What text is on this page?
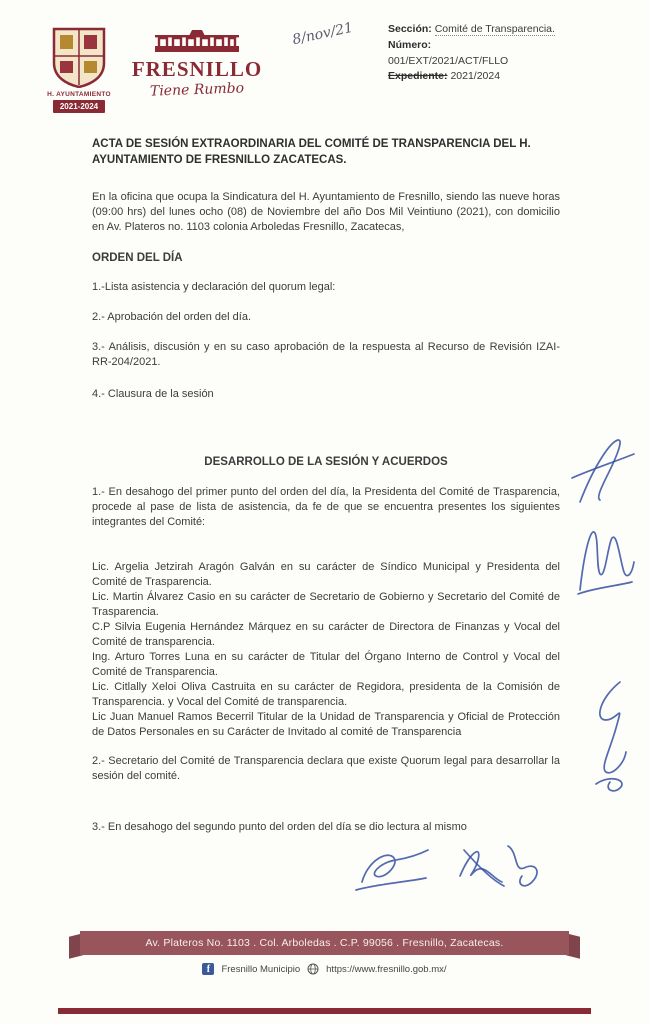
H. AYUNTAMIENTO
2021-2024
FRESNILLO
Tiene Rumbo
8/nov/21	Sección: Comité de Transparencia.
Número:
001/EXT/2021/ACT/FLLO
Expediente: 2021/2024

ACTA DE SESIÓN EXTRAORDINARIA DEL COMITÉ DE TRANSPARENCIA DEL H. AYUNTAMIENTO DE FRESNILLO ZACATECAS.

En la oficina que ocupa la Sindicatura del H. Ayuntamiento de Fresnillo, siendo las nueve horas (09:00 hrs) del lunes ocho (08) de Noviembre del año Dos Mil Veintiuno (2021), con domicilio en Av. Plateros no. 1103 colonia Arboledas Fresnillo, Zacatecas,

ORDEN DEL DÍA

1.-Lista asistencia y declaración del quorum legal:

2.- Aprobación del orden del día.

3.- Análisis, discusión y en su caso aprobación de la respuesta al Recurso de Revisión IZAI-RR-204/2021.

4.- Clausura de la sesión

DESARROLLO DE LA SESIÓN Y ACUERDOS

1.- En desahogo del primer punto del orden del día, la Presidenta del Comité de Trasparencia, procede al pase de lista de asistencia, da fe de que se encuentra presentes los siguientes integrantes del Comité:

Lic. Argelia Jetzirah Aragón Galván en su carácter de Síndico Municipal y Presidenta del Comité de Trasparencia.

Lic. Martin Álvarez Casio en su carácter de Secretario de Gobierno y Secretario del Comité de Trasparencia.

C.P Silvia Eugenia Hernández Márquez en su carácter de Directora de Finanzas y Vocal del Comité de transparencia.

Ing. Arturo Torres Luna en su carácter de Titular del Órgano Interno de Control y Vocal del Comité de Transparencia.

Lic. Citlally Xeloi Oliva Castruita en su carácter de Regidora, presidenta de la Comisión de Transparencia. y Vocal del Comité de transparencia.

Lic Juan Manuel Ramos Becerril Titular de la Unidad de Transparencia y Oficial de Protección de Datos Personales en su Carácter de Invitado al comité de Transparencia

2.- Secretario del Comité de Transparencia declara que existe Quorum legal para desarrollar la sesión del comité.

3.- En desahogo del segundo punto del orden del día se dio lectura al mismo

Av. Plateros No. 1103 . Col. Arboledas . C.P. 99056 . Fresnillo, Zacatecas.
f	Fresnillo Municipio	https://www.fresnillo.gob.mx/
